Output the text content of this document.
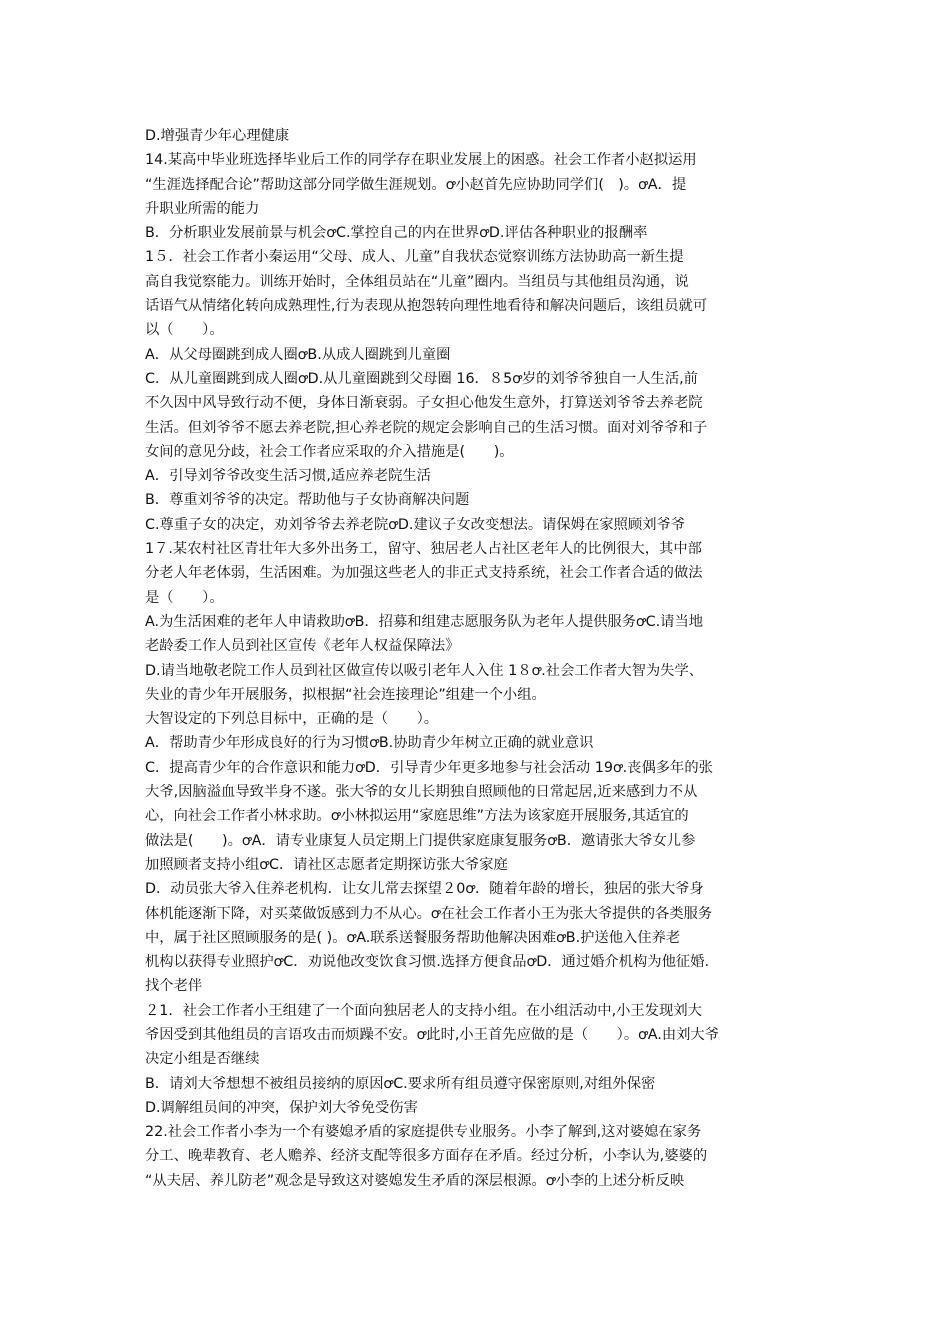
D.增强青少年心理健康
14.某高中毕业班选择毕业后工作的同学存在职业发展上的困惑。社会工作者小赵拟运用
“生涯选择配合论”帮助这部分同学做生涯规划。ꝍ小赵首先应协助同学们(　)。ꝍA．提
升职业所需的能力
B．分析职业发展前景与机会ꝍC.掌控自己的内在世界ꝍD.评估各种职业的报酬率
1５．社会工作者小秦运用“父母、成人、儿童”自我状态觉察训练方法协助高一新生提
高自我觉察能力。训练开始时，全体组员站在“儿童”圈内。当组员与其他组员沟通，说
话语气从情绪化转向成熟理性,行为表现从抱怨转向理性地看待和解决问题后，该组员就可
以（　　）。
A．从父母圈跳到成人圈ꝍB.从成人圈跳到儿童圈
C．从儿童圈跳到成人圈ꝍD.从儿童圈跳到父母圈 16．８5ꝍ岁的刘爷爷独自一人生活,前
不久因中风导致行动不便，身体日渐衰弱。子女担心他发生意外，打算送刘爷爷去养老院
生活。但刘爷爷不愿去养老院,担心养老院的规定会影响自己的生活习惯。面对刘爷爷和子
女间的意见分歧，社会工作者应采取的介入措施是(　　)。
A．引导刘爷爷改变生活习惯,适应养老院生活
B．尊重刘爷爷的决定。帮助他与子女协商解决问题
C.尊重子女的决定，劝刘爷爷去养老院ꝍD.建议子女改变想法。请保姆在家照顾刘爷爷
1７.某农村社区青壮年大多外出务工，留守、独居老人占社区老年人的比例很大，其中部
分老人年老体弱，生活困难。为加强这些老人的非正式支持系统，社会工作者合适的做法
是（　　）。
A.为生活困难的老年人申请救助ꝍB．招募和组建志愿服务队为老年人提供服务ꝍC.请当地
老龄委工作人员到社区宣传《老年人权益保障法》
D.请当地敬老院工作人员到社区做宣传以吸引老年人入住 1８ꝍ.社会工作者大智为失学、
失业的青少年开展服务，拟根据“社会连接理论”组建一个小组。
大智设定的下列总目标中，正确的是（　　）。
A．帮助青少年形成良好的行为习惯ꝍB.协助青少年树立正确的就业意识
C．提高青少年的合作意识和能力ꝍD．引导青少年更多地参与社会活动 19ꝍ.丧偶多年的张
大爷,因脑溢血导致半身不遂。张大爷的女儿长期独自照顾他的日常起居,近来感到力不从
心，向社会工作者小林求助。ꝍ小林拟运用“家庭思维”方法为该家庭开展服务,其适宜的
做法是(　　)。ꝍA．请专业康复人员定期上门提供家庭康复服务ꝍB．邀请张大爷女儿参
加照顾者支持小组ꝍC．请社区志愿者定期探访张大爷家庭
D．动员张大爷入住养老机构．让女儿常去探望２0ꝍ．随着年龄的增长，独居的张大爷身
体机能逐渐下降，对买菜做饭感到力不从心。ꝍ在社会工作者小王为张大爷提供的各类服务
中，属于社区照顾服务的是( )。ꝍA.联系送餐服务帮助他解决困难ꝍB.护送他入住养老
机构以获得专业照护ꝍC．劝说他改变饮食习惯.选择方便食品ꝍD．通过婚介机构为他征婚.
找个老伴
２1．社会工作者小王组建了一个面向独居老人的支持小组。在小组活动中,小王发现刘大
爷因受到其他组员的言语攻击而烦躁不安。ꝍ此时,小王首先应做的是（　　）。ꝍA.由刘大爷
决定小组是否继续
B．请刘大爷想想不被组员接纳的原因ꝍC.要求所有组员遵守保密原则,对组外保密
D.调解组员间的冲突，保护刘大爷免受伤害
22.社会工作者小李为一个有婆媳矛盾的家庭提供专业服务。小李了解到,这对婆媳在家务
分工、晚辈教育、老人赡养、经济支配等很多方面存在矛盾。经过分析，小李认为,婆婆的
“从夫居、养儿防老”观念是导致这对婆媳发生矛盾的深层根源。ꝍ小李的上述分析反映
